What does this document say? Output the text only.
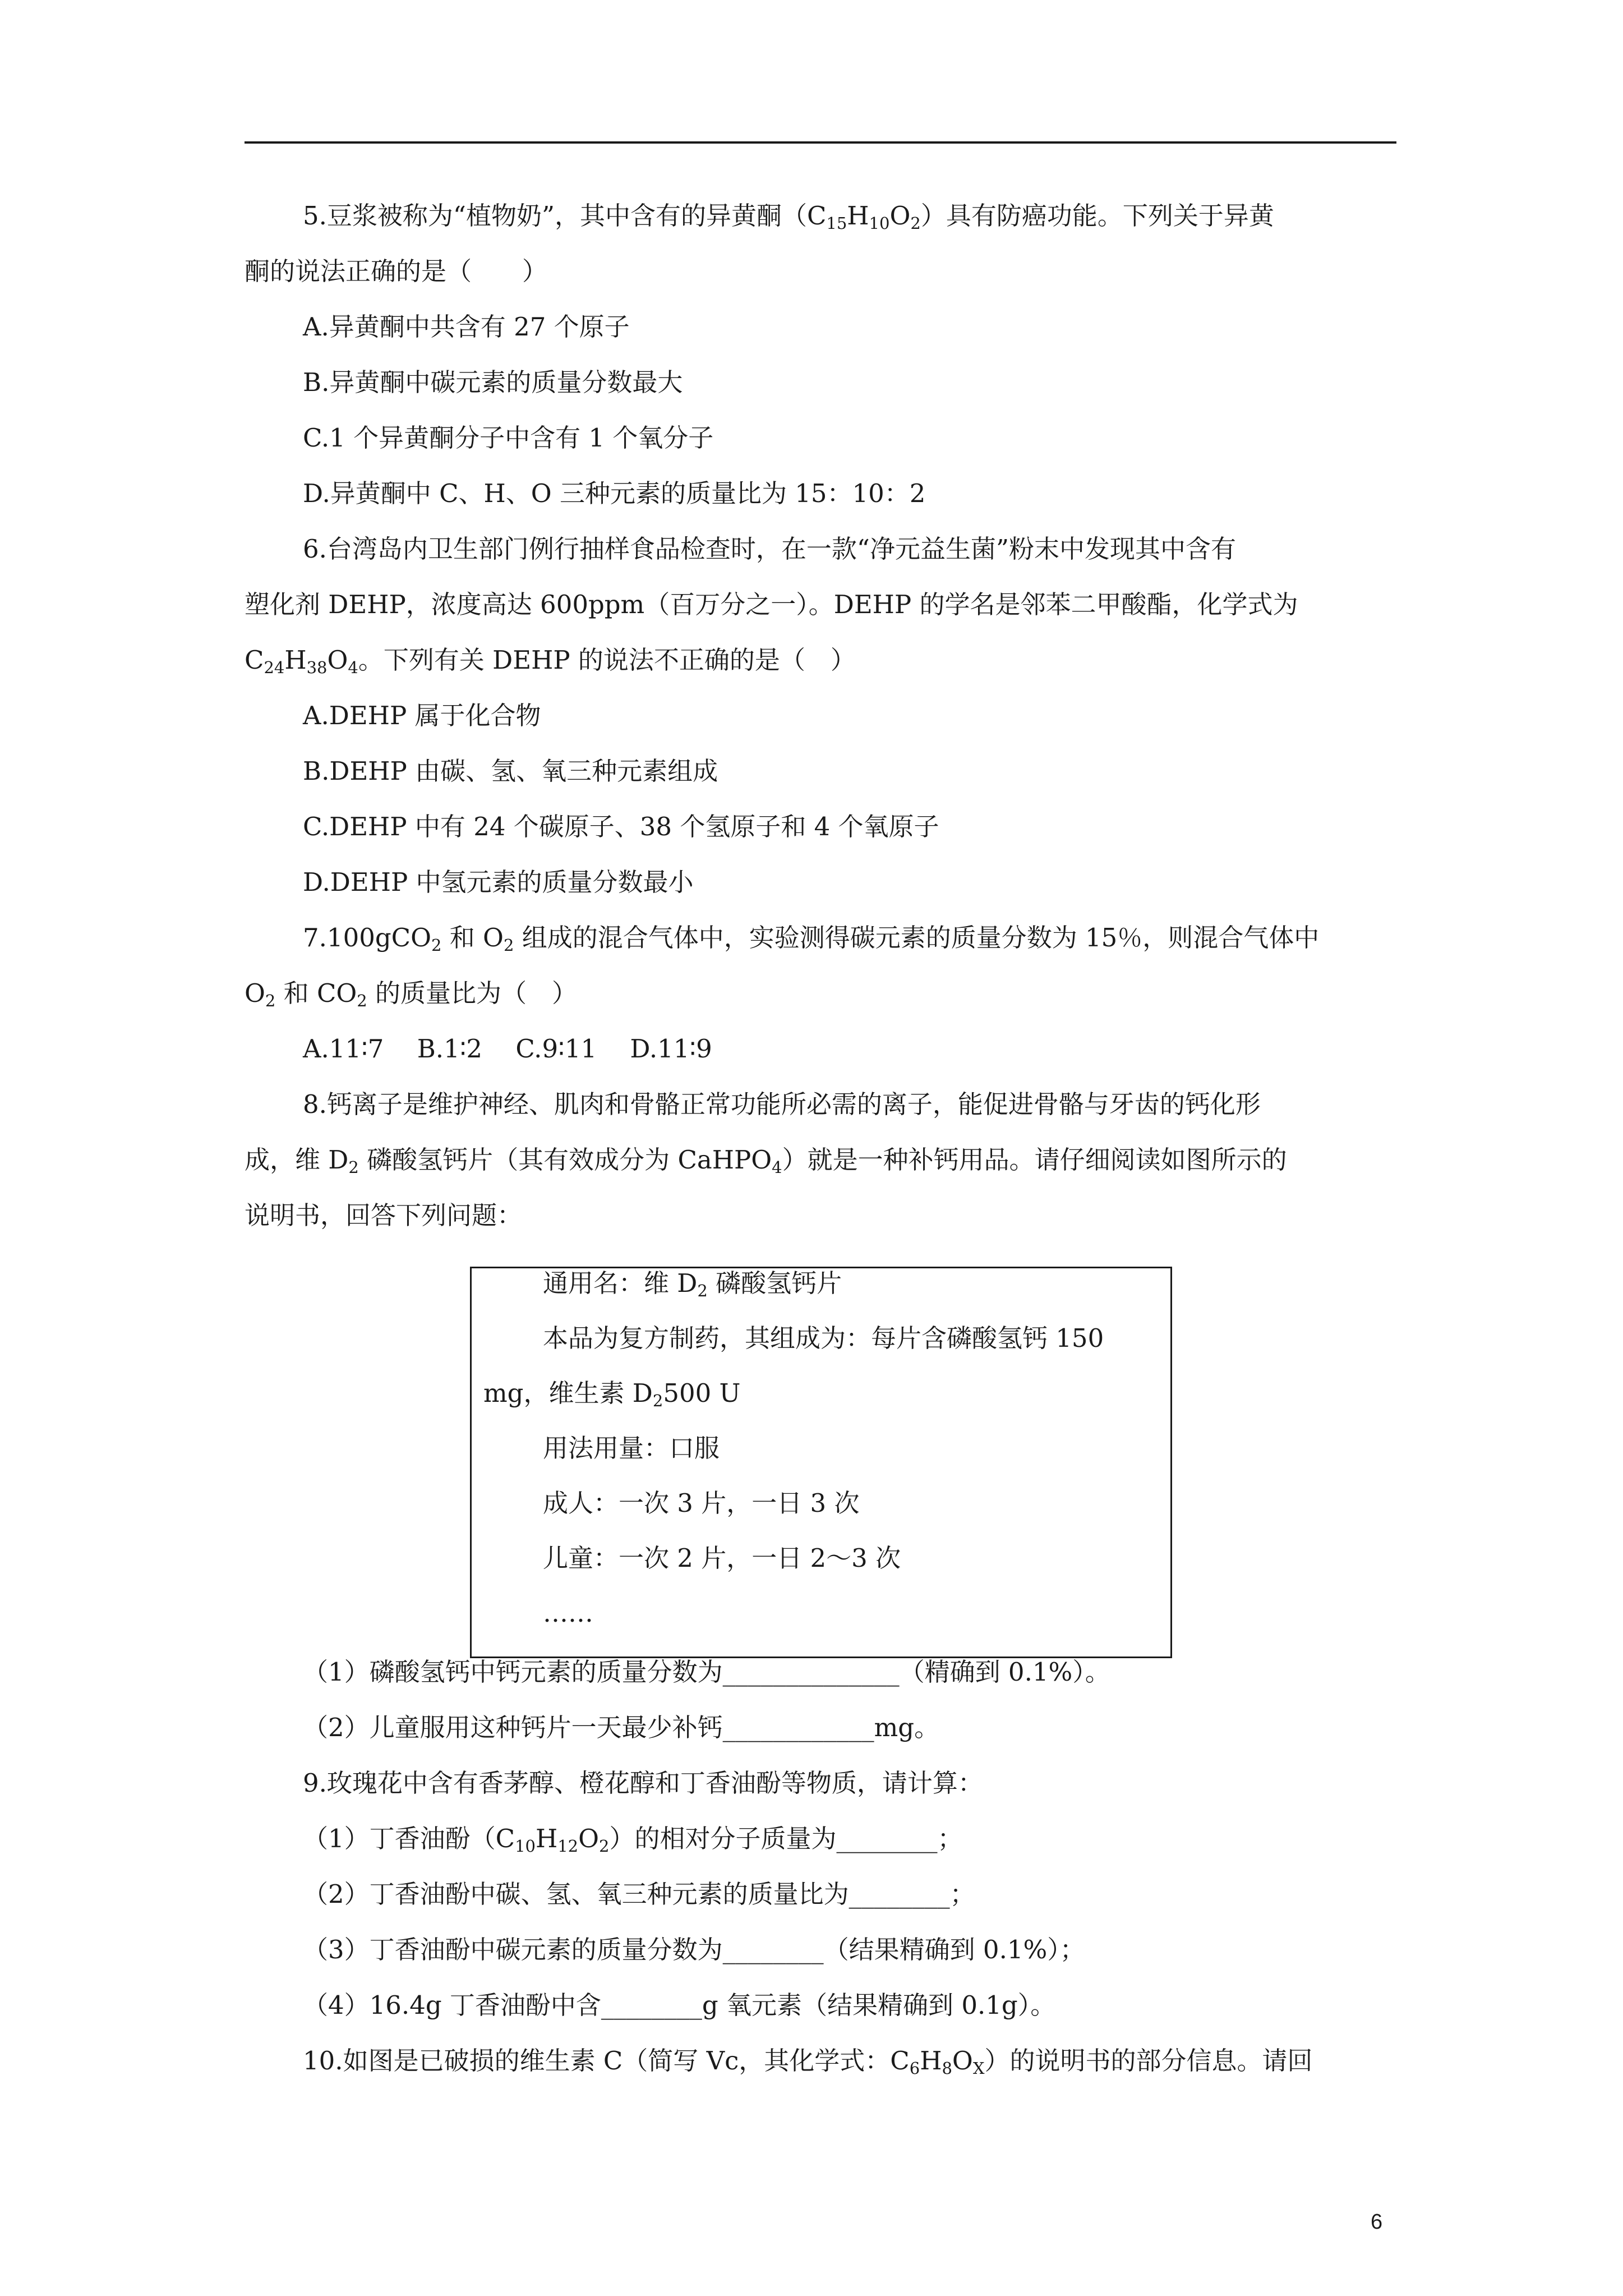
5.豆浆被称为“植物奶”，其中含有的异黄酮$(C_{15}H_{10}O_2)$具有防癌功能。下列关于异黄
酮的说法正确的是（　　）
A.异黄酮中共含有 27 个原子
B.异黄酮中碳元素的质量分数最大
C.1 个异黄酮分子中含有 1 个氧分子
D.异黄酮中 C、H、O 三种元素的质量比为 15：10：2
6.台湾岛内卫生部门例行抽样食品检查时，在一款“净元益生菌”粉末中发现其中含有
塑化剂 DEHP，浓度高达 600ppm（百万分之一）。DEHP 的学名是邻苯二甲酸酯，化学式为
$C_{24}H_{38}O_4$。下列有关 DEHP 的说法不正确的是（　）
A.DEHP 属于化合物
B.DEHP 由碳、氢、氧三种元素组成
C.DEHP 中有 24 个碳原子、38 个氢原子和 4 个氧原子
D.DEHP 中氢元素的质量分数最小
7.100gCO$_2$ 和 $O_2$ 组成的混合气体中，实验测得碳元素的质量分数为 15％，则混合气体中
$O_2$ 和 $CO_2$ 的质量比为（　）
A.11∶7　 B.1∶2　 C.9∶11　 D.11∶9
8.钙离子是维护神经、肌肉和骨骼正常功能所必需的离子，能促进骨骼与牙齿的钙化形
成，维 $D_2$ 磷酸氢钙片（其有效成分为 CaHPO$_4$）就是一种补钙用品。请仔细阅读如图所示的
说明书，回答下列问题：
通用名：维 $D_2$ 磷酸氢钙片
本品为复方制药，其组成为：每片含磷酸氢钙 150
mg，维生素 $D_2500$ U
用法用量：口服
成人：一次 3 片，一日 3 次
儿童：一次 2 片，一日 2～3 次
……
（1）磷酸氢钙中钙元素的质量分数为______________（精确到 0.1%）。
（2）儿童服用这种钙片一天最少补钙____________mg。
9.玫瑰花中含有香茅醇、橙花醇和丁香油酚等物质，请计算：
（1）丁香油酚$(C_{10}H_{12}O_2)$的相对分子质量为________；
（2）丁香油酚中碳、氢、氧三种元素的质量比为________；
（3）丁香油酚中碳元素的质量分数为________（结果精确到 0.1%）；
（4）16.4g 丁香油酚中含________g 氧元素（结果精确到 0.1g）。
10.如图是已破损的维生素 C（简写 Vc，其化学式：$C_6H_8O_X$）的说明书的部分信息。请回
6
